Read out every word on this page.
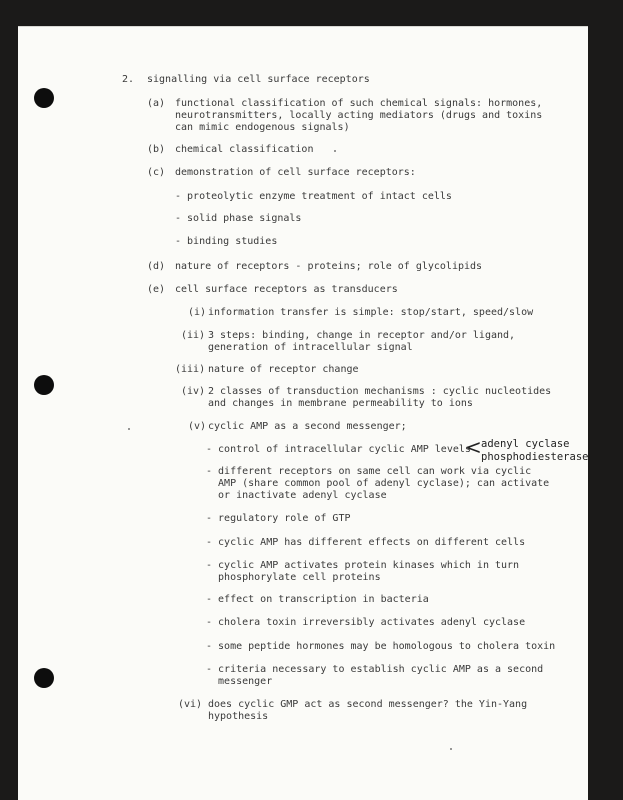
2. signalling via cell surface receptors
(a) functional classification of such chemical signals: hormones,
neurotransmitters, locally acting mediators (drugs and toxins
can mimic endogenous signals)
(b) chemical classification
(c) demonstration of cell surface receptors:
- proteolytic enzyme treatment of intact cells
- solid phase signals
- binding studies
(d) nature of receptors - proteins; role of glycolipids
(e) cell surface receptors as transducers
(i) information transfer is simple: stop/start, speed/slow
(ii) 3 steps: binding, change in receptor and/or ligand,
generation of intracellular signal
(iii) nature of receptor change
(iv) 2 classes of transduction mechanisms : cyclic nucleotides
and changes in membrane permeability to ions
(v) cyclic AMP as a second messenger;
- control of intracellular cyclic AMP levels
< adenyl cyclase
phosphodiesterase
- different receptors on same cell can work via cyclic
AMP (share common pool of adenyl cyclase); can activate
or inactivate adenyl cyclase
- regulatory role of GTP
- cyclic AMP has different effects on different cells
- cyclic AMP activates protein kinases which in turn
phosphorylate cell proteins
- effect on transcription in bacteria
- cholera toxin irreversibly activates adenyl cyclase
- some peptide hormones may be homologous to cholera toxin
- criteria necessary to establish cyclic AMP as a second
messenger
(vi) does cyclic GMP act as second messenger? the Yin-Yang
hypothesis
